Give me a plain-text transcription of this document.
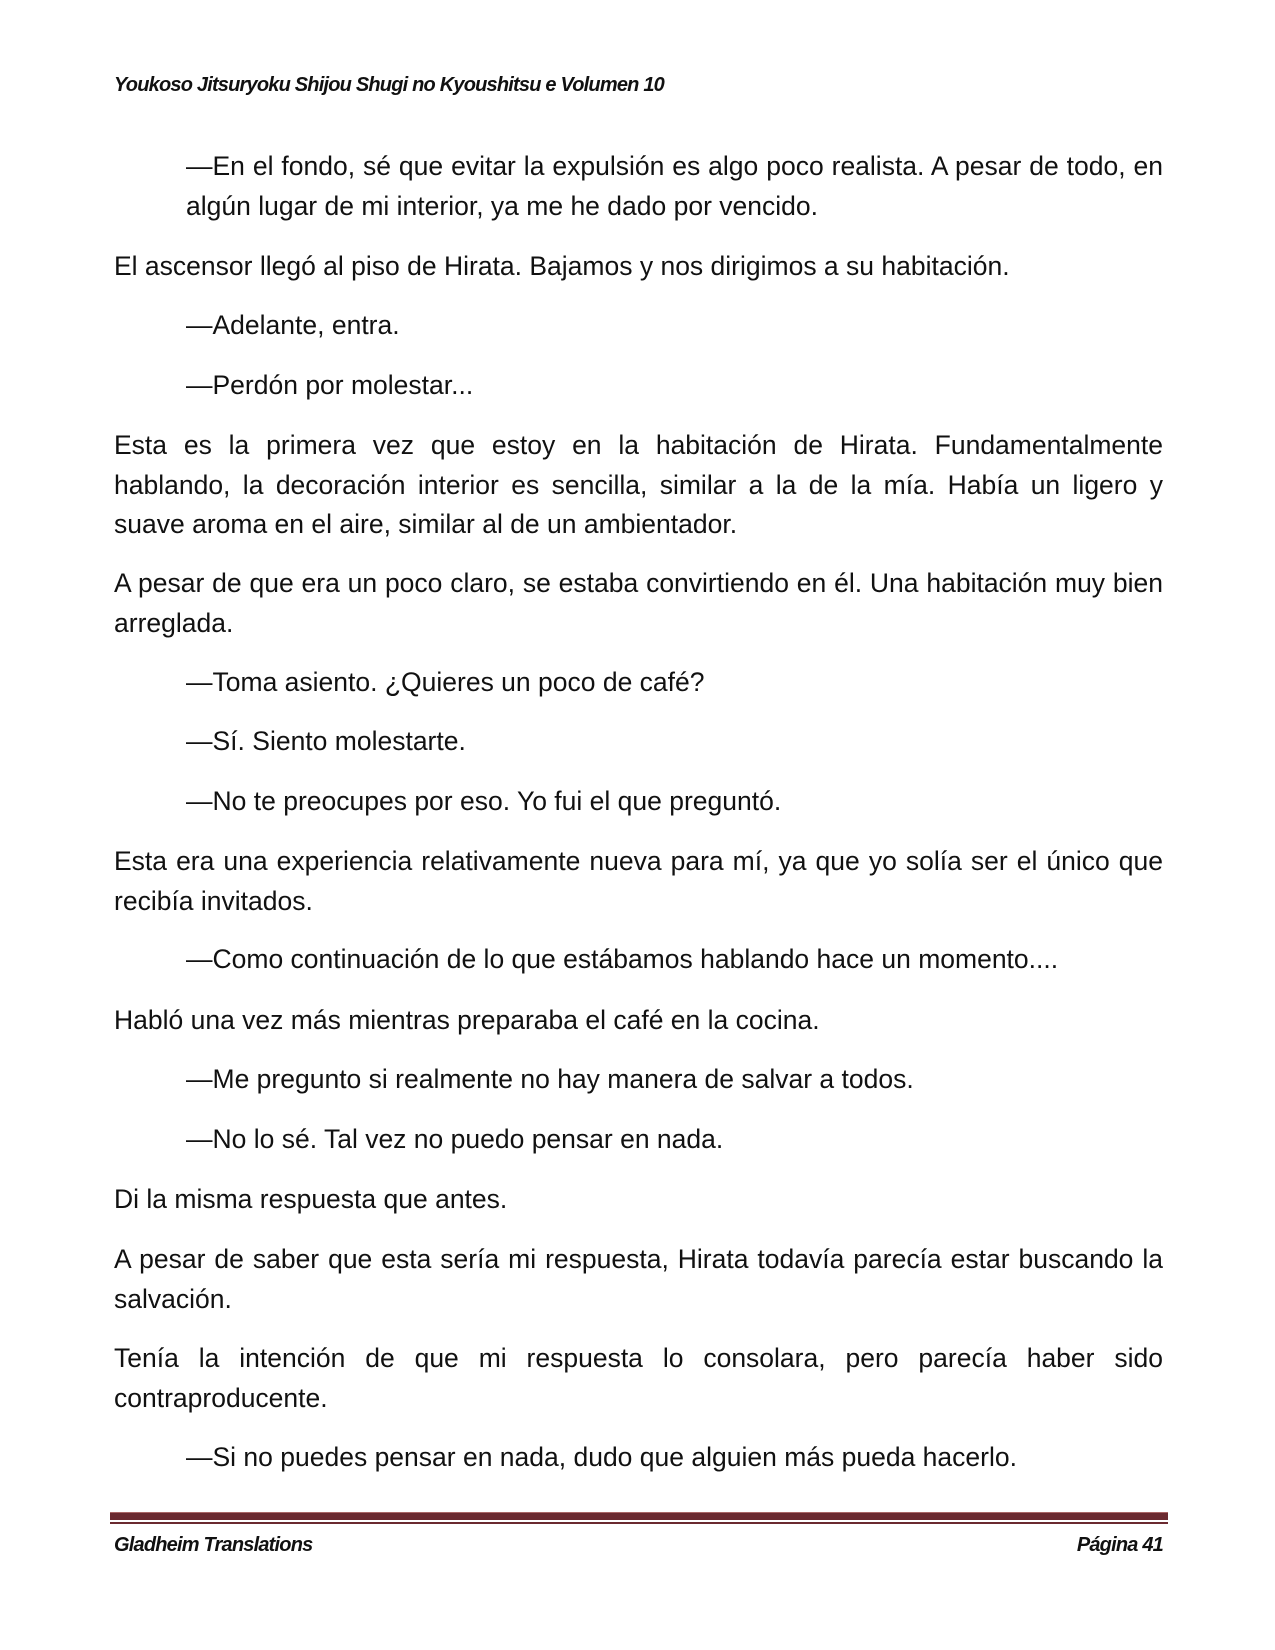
Youkoso Jitsuryoku Shijou Shugi no Kyoushitsu e Volumen 10

—En el fondo, sé que evitar la expulsión es algo poco realista. A pesar de todo, en algún lugar de mi interior, ya me he dado por vencido.

El ascensor llegó al piso de Hirata. Bajamos y nos dirigimos a su habitación.

—Adelante, entra.

—Perdón por molestar...

Esta es la primera vez que estoy en la habitación de Hirata. Fundamentalmente hablando, la decoración interior es sencilla, similar a la de la mía. Había un ligero y suave aroma en el aire, similar al de un ambientador.

A pesar de que era un poco claro, se estaba convirtiendo en él. Una habitación muy bien arreglada.

—Toma asiento. ¿Quieres un poco de café?

—Sí. Siento molestarte.

—No te preocupes por eso. Yo fui el que preguntó.

Esta era una experiencia relativamente nueva para mí, ya que yo solía ser el único que recibía invitados.

—Como continuación de lo que estábamos hablando hace un momento....

Habló una vez más mientras preparaba el café en la cocina.

—Me pregunto si realmente no hay manera de salvar a todos.

—No lo sé. Tal vez no puedo pensar en nada.

Di la misma respuesta que antes.

A pesar de saber que esta sería mi respuesta, Hirata todavía parecía estar buscando la salvación.

Tenía la intención de que mi respuesta lo consolara, pero parecía haber sido contraproducente.

—Si no puedes pensar en nada, dudo que alguien más pueda hacerlo.

Gladheim Translations	Página 41
